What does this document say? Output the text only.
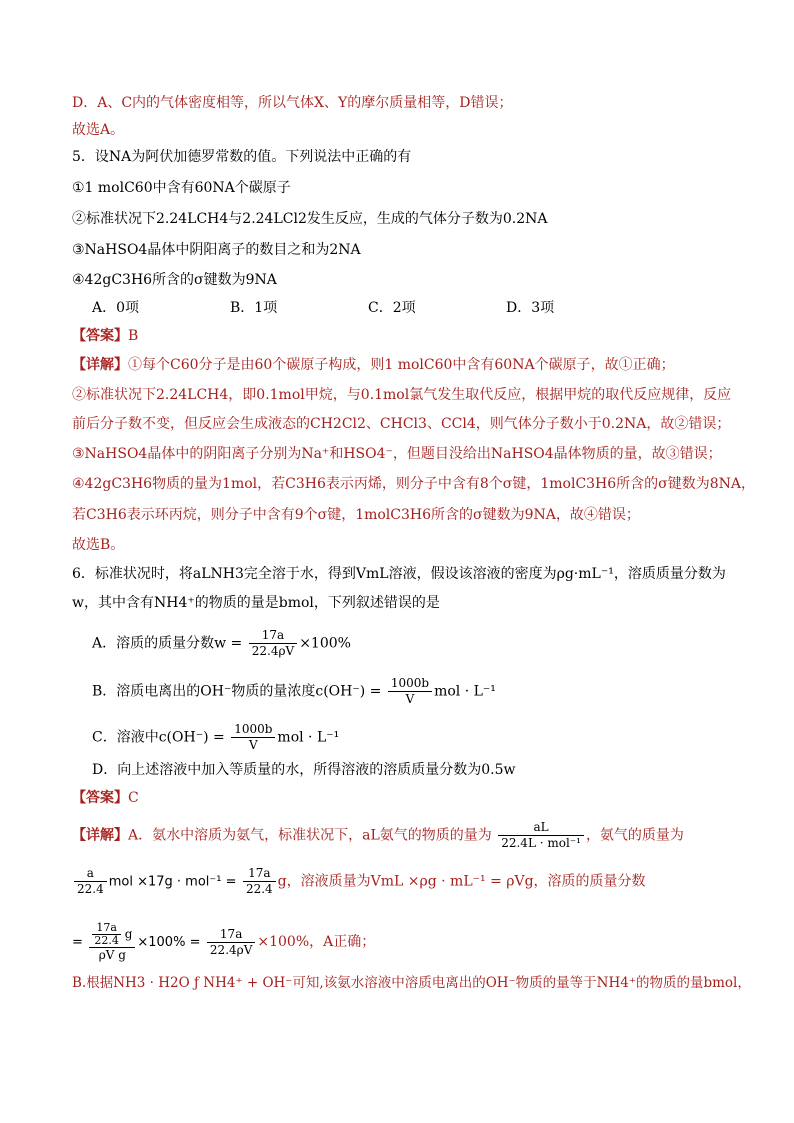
D．A、C内的气体密度相等，所以气体X、Y的摩尔质量相等，D错误；
故选A。
5．设NA为阿伏加德罗常数的值。下列说法中正确的有
①1 molC60中含有60NA个碳原子
②标准状况下2.24LCH4与2.24LCl2发生反应，生成的气体分子数为0.2NA
③NaHSO4晶体中阴阳离子的数目之和为2NA
④42gC3H6所含的σ键数为9NA
A．0项	B．1项	C．2项	D．3项
【答案】B
【详解】①每个C60分子是由60个碳原子构成，则1 molC60中含有60NA个碳原子，故①正确；
②标准状况下2.24LCH4，即0.1mol甲烷，与0.1mol氯气发生取代反应，根据甲烷的取代反应规律，反应
前后分子数不变，但反应会生成液态的CH2Cl2、CHCl3、CCl4，则气体分子数小于0.2NA，故②错误；
③NaHSO4晶体中的阴阳离子分别为Na⁺和HSO4⁻，但题目没给出NaHSO4晶体物质的量，故③错误；
④42gC3H6物质的量为1mol，若C3H6表示丙烯，则分子中含有8个σ键，1molC3H6所含的σ键数为8NA，
若C3H6表示环丙烷，则分子中含有9个σ键，1molC3H6所含的σ键数为9NA，故④错误；
故选B。
6．标准状况时，将aLNH3完全溶于水，得到VmL溶液，假设该溶液的密度为ρg·mL⁻¹，溶质质量分数为
w，其中含有NH4⁺的物质的量是bmol，下列叙述错误的是
A．溶质的质量分数$w = \frac{17a}{22.4\rho V} \times 100\%$
B．溶质电离出的OH⁻物质的量浓度$c(OH^-) = \frac{1000b}{V}$ mol · L⁻¹
C．溶液中$c(OH^-) = \frac{1000b}{V}$ mol · L⁻¹
D．向上述溶液中加入等质量的水，所得溶液的溶质质量分数为0.5w
【答案】C
【详解】A．氨水中溶质为氨气，标准状况下，aL氨气的物质的量为 $\frac{aL}{\text{22.4L · mol⁻¹}}$ ，氨气的质量为
$\frac{a}{22.4}$ mol $\times 17g \cdot mol^{-1} = \frac{17a}{22.4}$ g，溶液质量为VmL ×ρg · mL⁻¹ = ρVg，溶质的质量分数
= $\frac{\frac{17a}{22.4} g}{\text{ρV g}} \times 100\% = \frac{17a}{22.4\rho V} \times 100\%$，A正确；
B.根据NH3 · H2O ƒ NH4⁺ + OH⁻可知,该氨水溶液中溶质电离出的OH⁻物质的量等于NH4⁺的物质的量bmol，
